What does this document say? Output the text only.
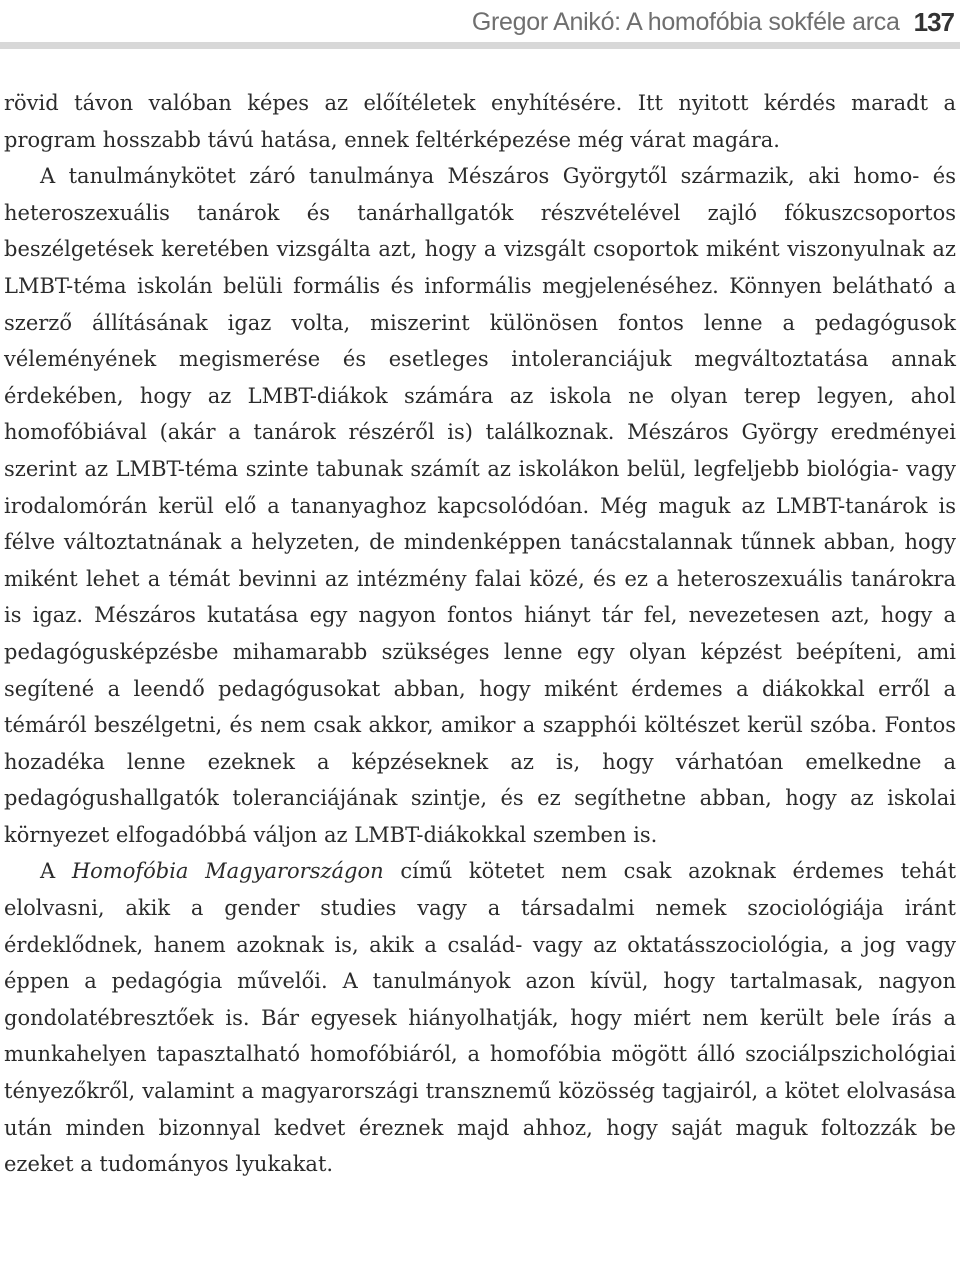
Gregor Anikó: A homofóbia sokféle arca 137

rövid távon valóban képes az előítéletek enyhítésére. Itt nyitott kérdés maradt a program hosszabb távú hatása, ennek feltérképezése még várat magára.

A tanulmánykötet záró tanulmánya Mészáros Györgytől származik, aki homo- és heteroszexuális tanárok és tanárhallgatók részvételével zajló fókuszcsoportos beszélgetések keretében vizsgálta azt, hogy a vizsgált csoportok miként viszonyulnak az LMBT-téma iskolán belüli formális és informális megjelenéséhez. Könnyen belátható a szerző állításának igaz volta, miszerint különösen fontos lenne a pedagógusok véleményének megismerése és esetleges intoleranciájuk megváltoztatása annak érdekében, hogy az LMBT-diákok számára az iskola ne olyan terep legyen, ahol homofóbiával (akár a tanárok részéről is) találkoznak. Mészáros György eredményei szerint az LMBT-téma szinte tabunak számít az iskolákon belül, legfeljebb biológia- vagy irodalomórán kerül elő a tananyaghoz kapcsolódóan. Még maguk az LMBT-tanárok is félve változtatnának a helyzeten, de mindenképpen tanácstalannak tűnnek abban, hogy miként lehet a témát bevinni az intézmény falai közé, és ez a heteroszexuális tanárokra is igaz. Mészáros kutatása egy nagyon fontos hiányt tár fel, nevezetesen azt, hogy a pedagógusképzésbe mihamarabb szükséges lenne egy olyan képzést beépíteni, ami segítené a leendő pedagógusokat abban, hogy miként érdemes a diákokkal erről a témáról beszélgetni, és nem csak akkor, amikor a szapphói költészet kerül szóba. Fontos hozadéka lenne ezeknek a képzéseknek az is, hogy várhatóan emelkedne a pedagógushallgatók toleranciájának szintje, és ez segíthetne abban, hogy az iskolai környezet elfogadóbbá váljon az LMBT-diákokkal szemben is.

A Homofóbia Magyarországon című kötetet nem csak azoknak érdemes tehát elolvasni, akik a gender studies vagy a társadalmi nemek szociológiája iránt érdeklődnek, hanem azoknak is, akik a család- vagy az oktatásszociológia, a jog vagy éppen a pedagógia művelői. A tanulmányok azon kívül, hogy tartalmasak, nagyon gondolatébresztőek is. Bár egyesek hiányolhatják, hogy miért nem került bele írás a munkahelyen tapasztalható homofóbiáról, a homofóbia mögött álló szociálpszichológiai tényezőkről, valamint a magyarországi transznemű közösség tagjairól, a kötet elolvasása után minden bizonnyal kedvet éreznek majd ahhoz, hogy saját maguk foltozzák be ezeket a tudományos lyukakat.
